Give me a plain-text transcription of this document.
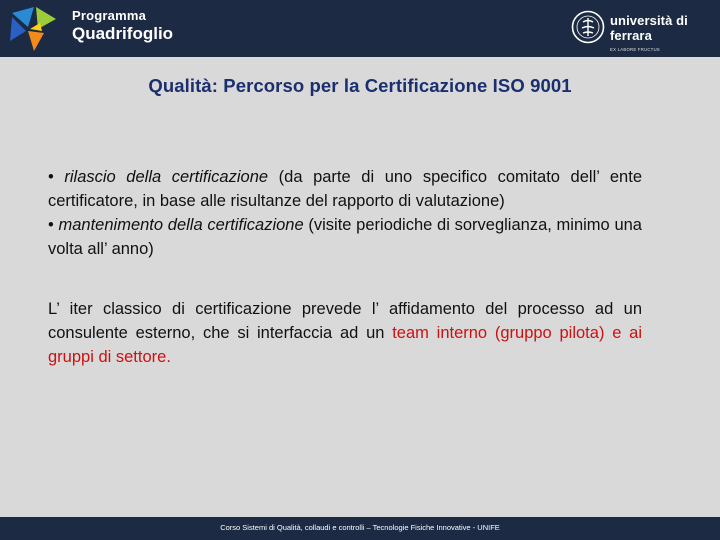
Programma
Quadrifoglio
università di ferrara
EX LABORE FRUCTUS
Qualità: Percorso per la Certificazione ISO 9001

• rilascio della certificazione (da parte di uno specifico comitato dell’ ente certificatore, in base alle risultanze del rapporto di valutazione)
• mantenimento della certificazione (visite periodiche di sorveglianza, minimo una volta all’ anno)

L’ iter classico di certificazione prevede l’ affidamento del processo ad un consulente esterno, che si interfaccia ad un team interno (gruppo pilota) e ai gruppi di settore.

Corso Sistemi di Qualità, collaudi e controlli – Tecnologie Fisiche Innovative - UNIFE
